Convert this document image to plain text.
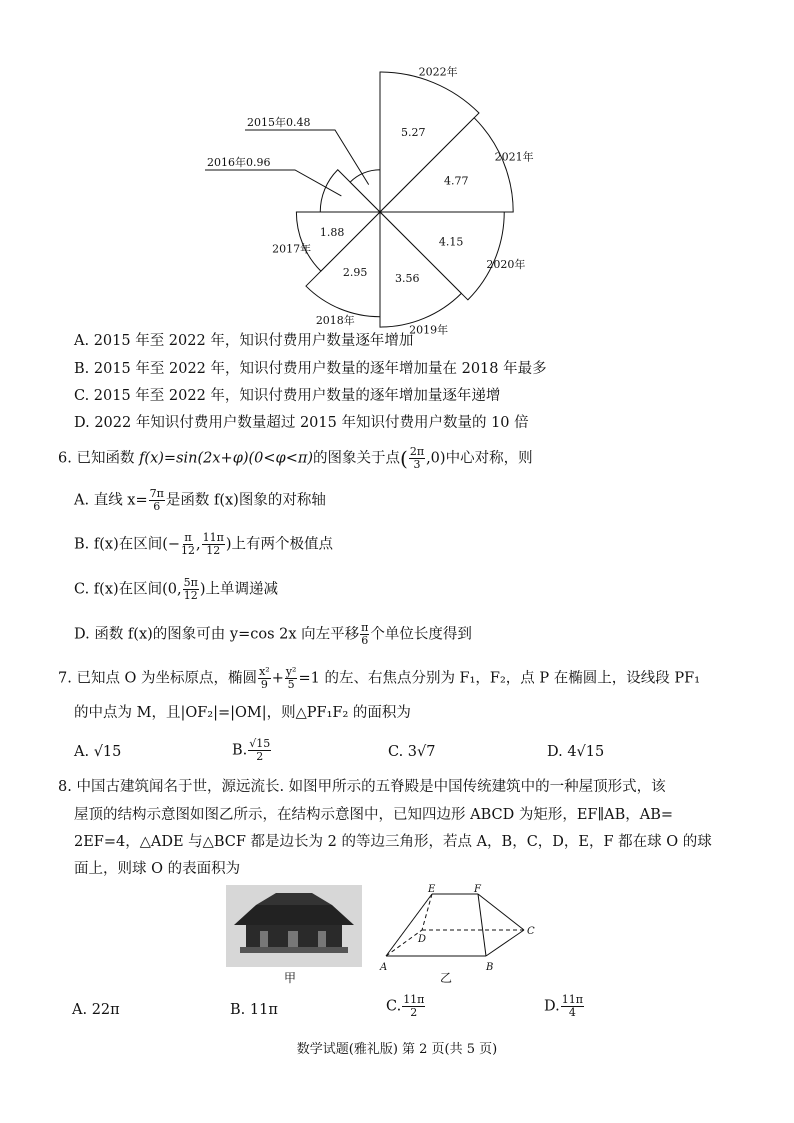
2022年
5.27
2021年
4.77
2020年
4.15
2019年
3.56
2018年
2.95
2017年
1.88
2016年0.96
2015年0.48
A. 2015 年至 2022 年，知识付费用户数量逐年增加
B. 2015 年至 2022 年，知识付费用户数量的逐年增加量在 2018 年最多
C. 2015 年至 2022 年，知识付费用户数量的逐年增加量逐年递增
D. 2022 年知识付费用户数量超过 2015 年知识付费用户数量的 10 倍
6. 已知函数 f(x)=sin(2x+φ)(0<φ<π)的图象关于点( $\frac{2\pi}{3} ,0$)中心对称，则
A. 直线 $x= \frac{7\pi}{6}$ 是函数 f(x)图象的对称轴
B. f(x)在区间(− $\frac{\pi}{12}$ , $\frac{11\pi}{12}$ )上有两个极值点
C. f(x)在区间(0, $\frac{5\pi}{12}$ )上单调递减
D. 函数 f(x)的图象可由 y=cos 2x 向左平移 $\frac{\pi}{6}$ 个单位长度得到
7. 已知点 O 为坐标原点，椭圆 $\frac{\text{x²}}{9} + \frac{\text{y²}}{5} =1$ 的左、右焦点分别为 F₁，F₂，点 P 在椭圆上，设线段 PF₁
的中点为 M，且|OF₂|=|OM|，则△PF₁F₂ 的面积为
A. √15	B. $\frac{√15}{2}$	C. 3√7	D. 4√15
8. 中国古建筑闻名于世，源远流长. 如图甲所示的五脊殿是中国传统建筑中的一种屋顶形式，该
屋顶的结构示意图如图乙所示，在结构示意图中，已知四边形 ABCD 为矩形，EF∥AB，AB=
2EF=4，△ADE 与△BCF 都是边长为 2 的等边三角形，若点 A，B，C，D，E，F 都在球 O 的球
面上，则球 O 的表面积为
甲
E	F
D
C
A	B
乙
A. 22π	B. 11π	C. $\frac{11\pi}{2}$	D. $\frac{11\pi}{4}$
数学试题(雅礼版) 第 2 页(共 5 页)
